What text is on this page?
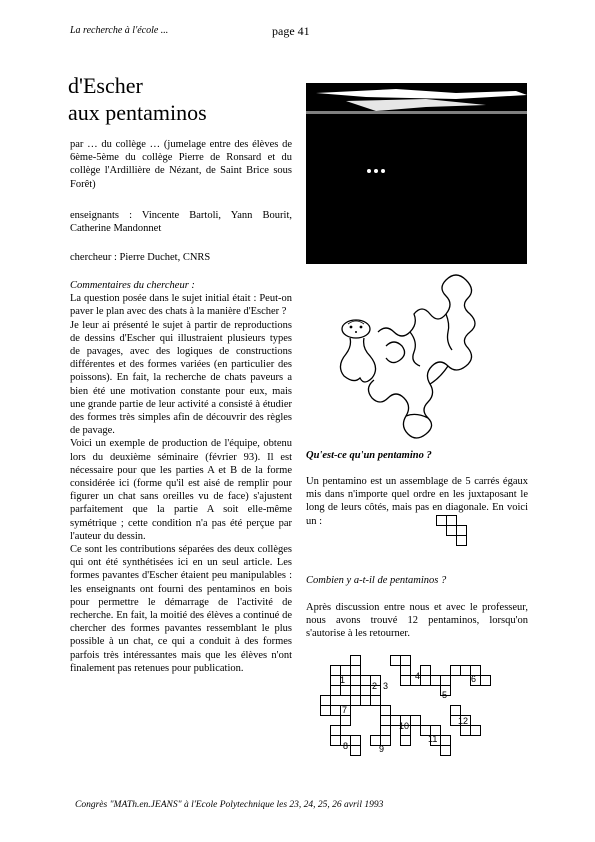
La recherche à l'école ...	page 41
d'Escher
aux pentaminos
par … du collège … (jumelage entre des élèves de 6ème-5ème du collège Pierre de Ronsard et du collège l'Ardillière de Nézant, de Saint Brice sous Forêt)
enseignants : Vincente Bartoli, Yann Bourit, Catherine Mandonnet
chercheur : Pierre Duchet, CNRS

Commentaires du chercheur :

La question posée dans le sujet initial était : Peut-on paver le plan avec des chats à la manière d'Escher ?

Je leur ai présenté le sujet à partir de reproductions de dessins d'Escher qui illustraient plusieurs types de pavages, avec des logiques de constructions différentes et des formes variées (en particulier des poissons). En fait, la recherche de chats paveurs a bien été une motivation constante pour eux, mais une grande partie de leur activité a consisté à étudier des formes très simples afin de découvrir des règles de pavage.

Voici un exemple de production de l'équipe, obtenu lors du deuxième séminaire (février 93). Il est nécessaire pour que les parties A et B de la forme considérée ici (forme qu'il est aisé de remplir pour figurer un chat sans oreilles vu de face) s'ajustent parfaitement que la partie A soit elle-même symétrique ; cette condition n'a pas été perçue par l'auteur du dessin.

Ce sont les contributions séparées des deux collèges qui ont été synthétisées ici en un seul article. Les formes pavantes d'Escher étaient peu manipulables : les enseignants ont fourni des pentaminos en bois pour permettre le démarrage de l'activité de recherche. En fait, la moitié des élèves a continué de chercher des formes pavantes ressemblant le plus possible à un chat, ce qui a conduit à des formes parfois très intéressantes mais que les élèves n'ont finalement pas retenues pour publication.

Qu'est-ce qu'un pentamino ?
Un pentamino est un assemblage de 5 carrés égaux mis dans n'importe quel ordre en les juxtaposant le long de leurs côtés, mais pas en diagonale. En voici un :
Combien y a-t-il de pentaminos ?
Après discussion entre nous et avec le professeur, nous avons trouvé 12 pentaminos, lorsqu'on s'autorise à les retourner.
1
2 3
4
5
6
7
8	9
10
11
12
Congrès "MATh.en.JEANS" à l'Ecole Polytechnique les 23, 24, 25, 26 avril 1993
